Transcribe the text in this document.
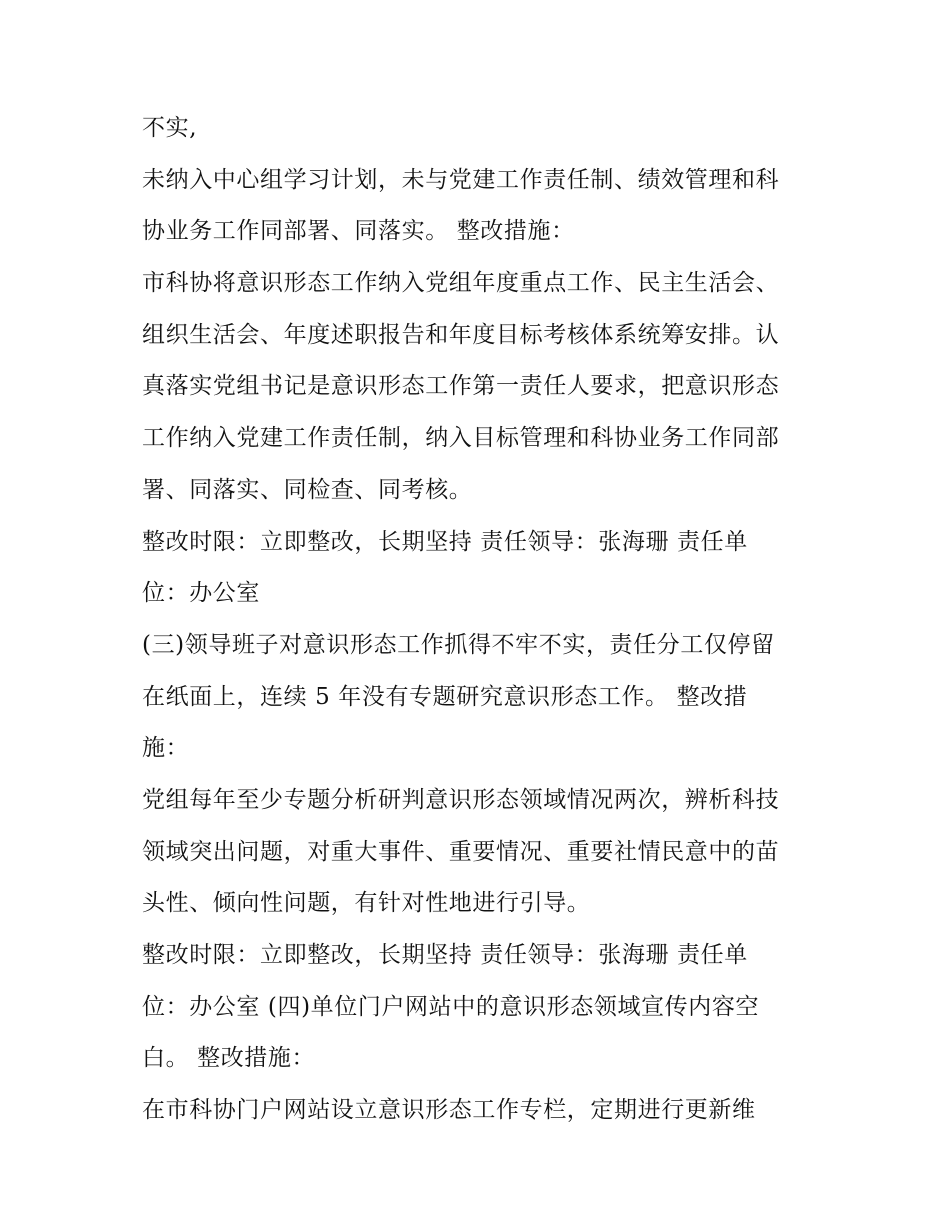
不实,
未纳入中心组学习计划，未与党建工作责任制、绩效管理和科
协业务工作同部署、同落实。 整改措施：
市科协将意识形态工作纳入党组年度重点工作、民主生活会、
组织生活会、年度述职报告和年度目标考核体系统筹安排。认
真落实党组书记是意识形态工作第一责任人要求，把意识形态
工作纳入党建工作责任制，纳入目标管理和科协业务工作同部
署、同落实、同检查、同考核。
整改时限：立即整改，长期坚持 责任领导：张海珊 责任单
位：办公室
(三)领导班子对意识形态工作抓得不牢不实，责任分工仅停留
在纸面上，连续 5 年没有专题研究意识形态工作。 整改措
施：
党组每年至少专题分析研判意识形态领域情况两次，辨析科技
领域突出问题，对重大事件、重要情况、重要社情民意中的苗
头性、倾向性问题，有针对性地进行引导。
整改时限：立即整改，长期坚持 责任领导：张海珊 责任单
位：办公室 (四)单位门户网站中的意识形态领域宣传内容空
白。 整改措施：
在市科协门户网站设立意识形态工作专栏，定期进行更新维
